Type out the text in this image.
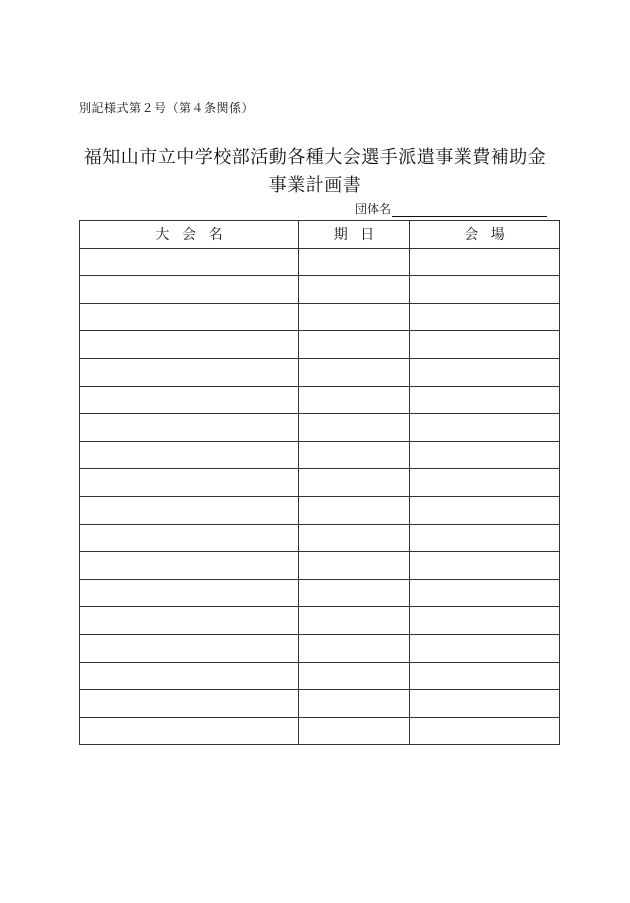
別記様式第２号（第４条関係）
福知山市立中学校部活動各種大会選手派遣事業費補助金
事業計画書
団体名
大会名	期日	会場
